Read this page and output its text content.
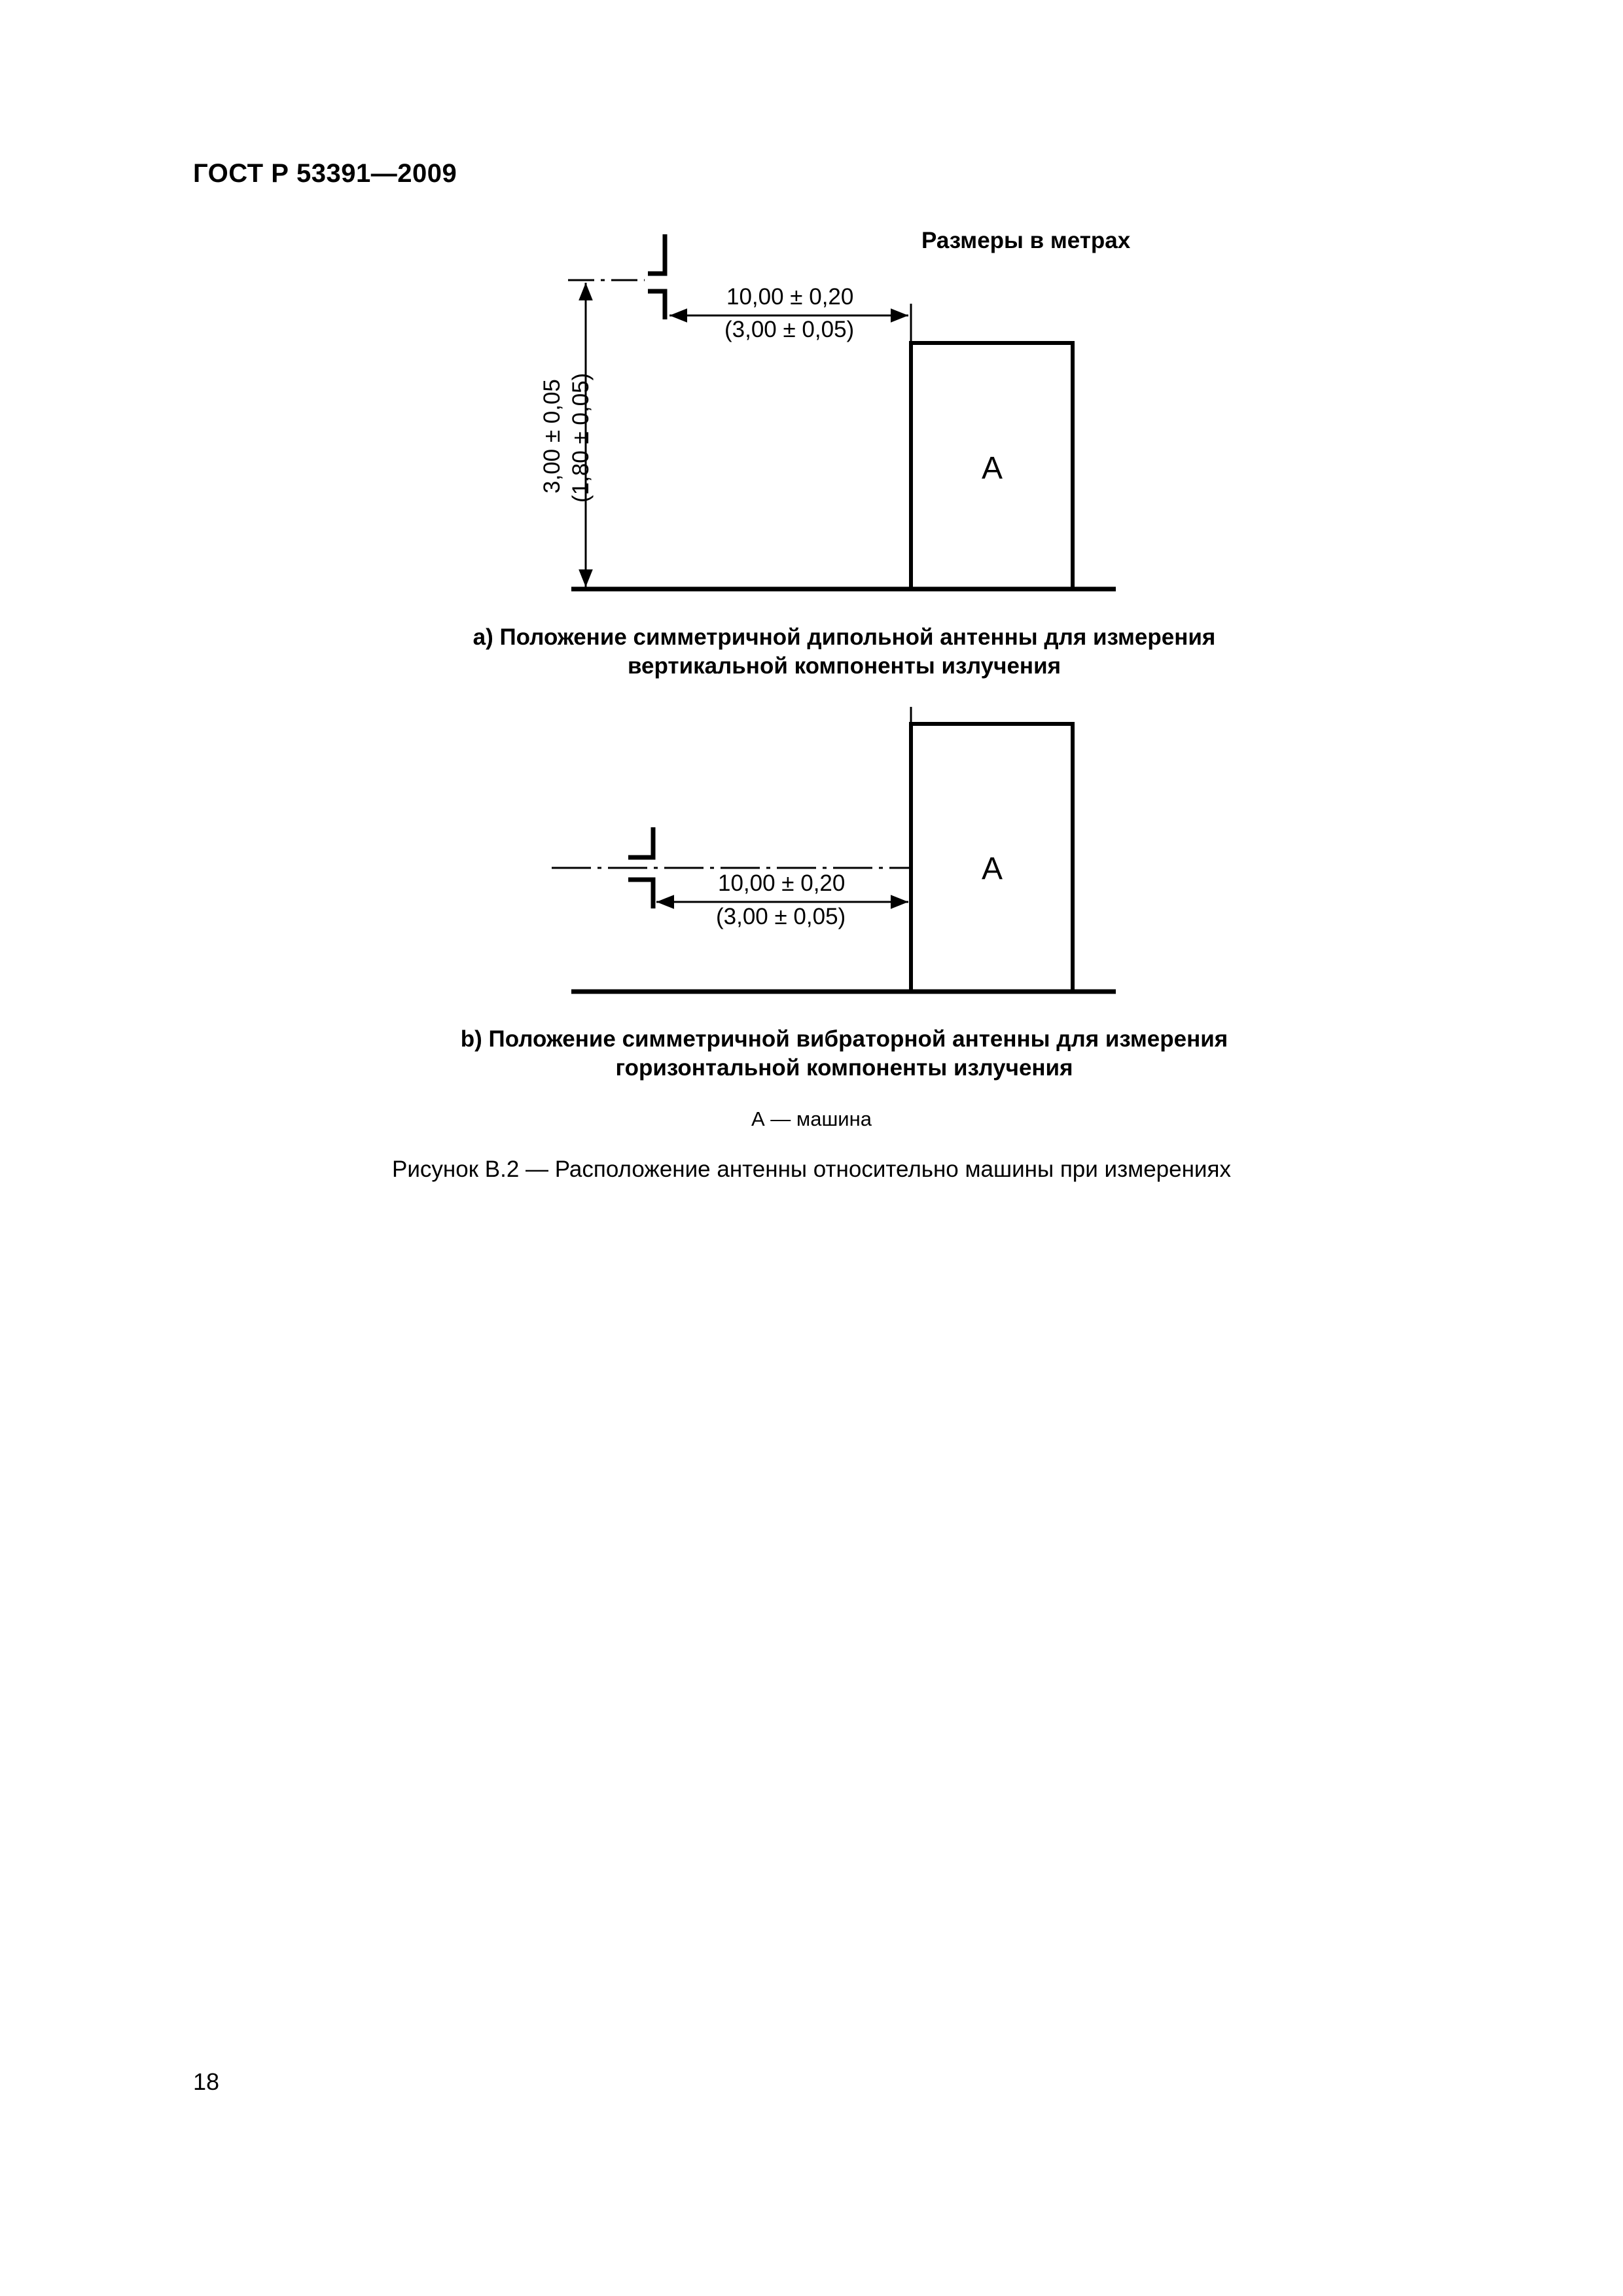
ГОСТ Р 53391—2009
Размеры в метрах
10,00 ± 0,20
(3,00 ± 0,05)
3,00 ± 0,05 (1,80 ± 0,05)	A
а) Положение симметричной дипольной антенны для измерения
вертикальной компоненты излучения
10,00 ± 0,20
(3,00 ± 0,05)
A
b) Положение симметричной вибраторной антенны для измерения
горизонтальной компоненты излучения
А — машина
Рисунок В.2 — Расположение антенны относительно машины при измерениях
18
